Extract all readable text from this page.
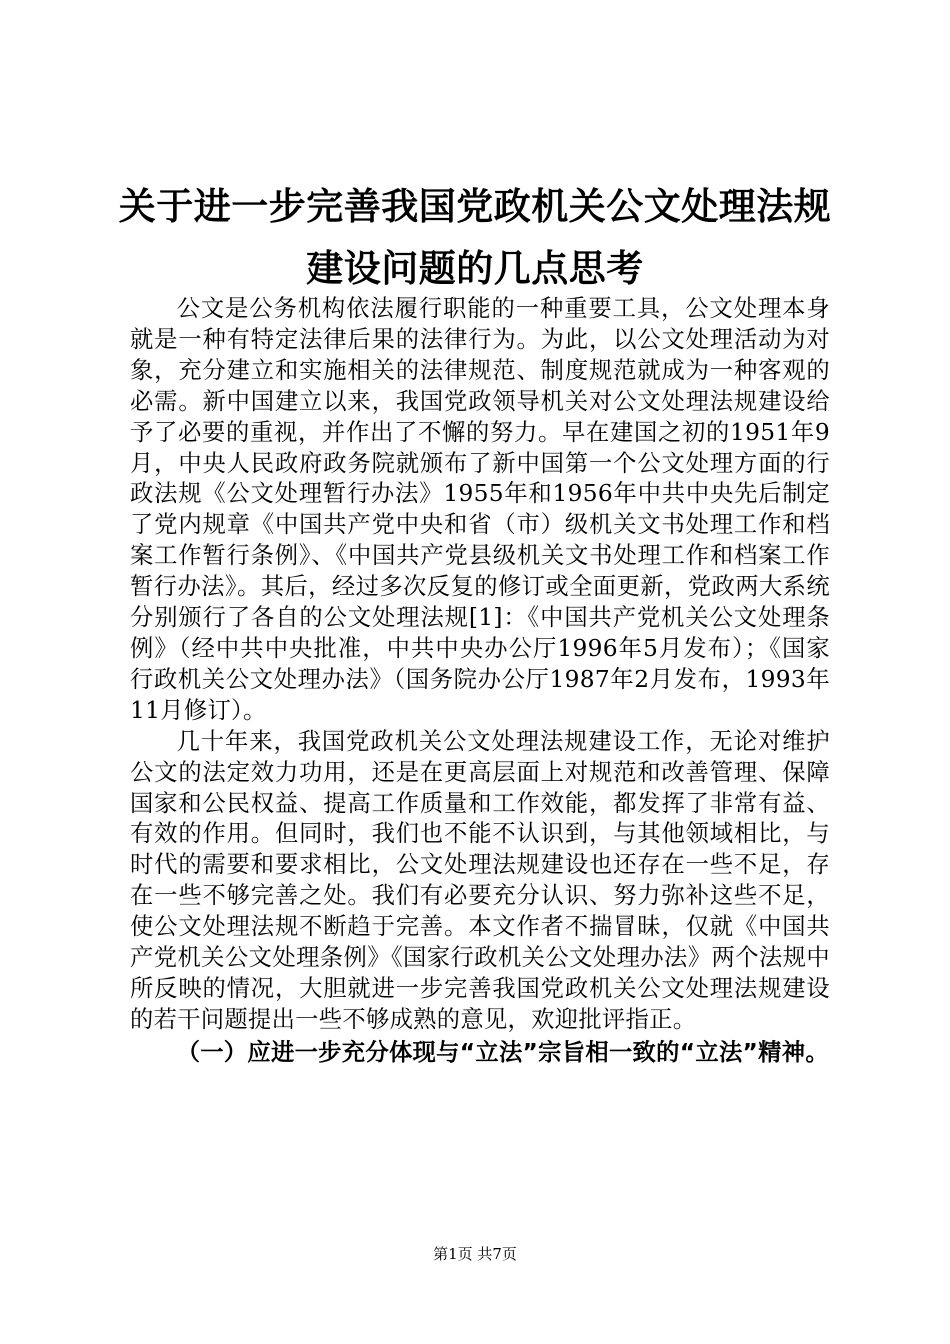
关于进一步完善我国党政机关公文处理法规建设问题的几点思考

公文是公务机构依法履行职能的一种重要工具，公文处理本身就是一种有特定法律后果的法律行为。为此，以公文处理活动为对象，充分建立和实施相关的法律规范、制度规范就成为一种客观的必需。新中国建立以来，我国党政领导机关对公文处理法规建设给予了必要的重视，并作出了不懈的努力。早在建国之初的1951年9月，中央人民政府政务院就颁布了新中国第一个公文处理方面的行政法规《公文处理暂行办法》1955年和1956年中共中央先后制定了党内规章《中国共产党中央和省（市）级机关文书处理工作和档案工作暂行条例》、《中国共产党县级机关文书处理工作和档案工作暂行办法》。其后，经过多次反复的修订或全面更新，党政两大系统分别颁行了各自的公文处理法规[1]：《中国共产党机关公文处理条例》（经中共中央批准，中共中央办公厅1996年5月发布）；《国家行政机关公文处理办法》（国务院办公厅1987年2月发布，1993年11月修订）。

几十年来，我国党政机关公文处理法规建设工作，无论对维护公文的法定效力功用，还是在更高层面上对规范和改善管理、保障国家和公民权益、提高工作质量和工作效能，都发挥了非常有益、有效的作用。但同时，我们也不能不认识到，与其他领域相比，与时代的需要和要求相比，公文处理法规建设也还存在一些不足，存在一些不够完善之处。我们有必要充分认识、努力弥补这些不足，使公文处理法规不断趋于完善。本文作者不揣冒昧，仅就《中国共产党机关公文处理条例》《国家行政机关公文处理办法》两个法规中所反映的情况，大胆就进一步完善我国党政机关公文处理法规建设的若干问题提出一些不够成熟的意见，欢迎批评指正。

（一）应进一步充分体现与“立法”宗旨相一致的“立法”精神。

第1页 共7页
